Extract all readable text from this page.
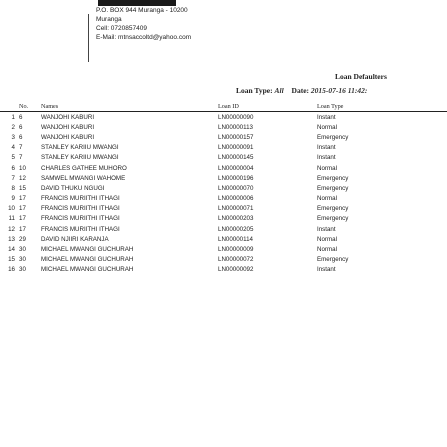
P.O. BOX 944 Muranga - 10200
Muranga
Cell: 0720857409
E-Mail: mtnsaccoltd@yahoo.com
Loan Defaulters
Loan Type: All Date: 2015-07-16 11:42:
	No.	Names	Loan ID	Loan Type
1	6	WANJOHI KABURI	LN00000090	Instant
2	6	WANJOHI KABURI	LN00000113	Normal
3	6	WANJOHI KABURI	LN00000157	Emergency
4	7	STANLEY KARIIU MWANGI	LN00000091	Instant
5	7	STANLEY KARIIU MWANGI	LN00000145	Instant
6	10	CHARLES GATHEE MUHORO	LN00000004	Normal
7	12	SAMWEL MWANGI WAHOME	LN00000196	Emergency
8	15	DAVID THUKU NGUGI	LN00000070	Emergency
9	17	FRANCIS MURIITHI ITHAGI	LN00000006	Normal
10	17	FRANCIS MURIITHI ITHAGI	LN00000071	Emergency
11	17	FRANCIS MURIITHI ITHAGI	LN00000203	Emergency
12	17	FRANCIS MURIITHI ITHAGI	LN00000205	Instant
13	29	DAVID NJIIRI KARANJA	LN00000114	Normal
14	30	MICHAEL MWANGI GUCHURAH	LN00000009	Normal
15	30	MICHAEL MWANGI GUCHURAH	LN00000072	Emergency
16	30	MICHAEL MWANGI GUCHURAH	LN00000092	Instant
